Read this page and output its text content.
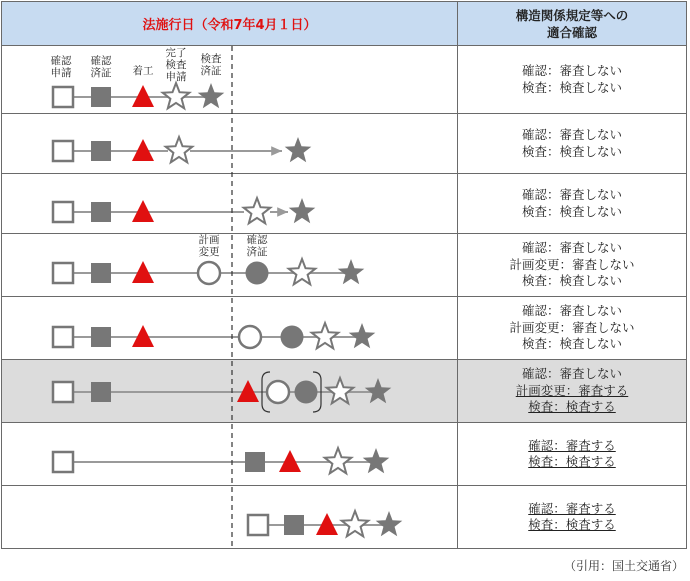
法施行日（令和7年4月１日）	構造関係規定等への
適合確認

	確認：審査しない
検査：検査しない

	確認：審査しない
検査：検査しない

	確認：審査しない
検査：検査しない

	確認：審査しない
計画変更：審査しない
検査：検査しない

	確認：審査しない
計画変更：審査しない
検査：検査しない

	確認：審査しない
計画変更：審査する
検査：検査する

	確認：審査する
検査：検査する

	確認：審査する
検査：検査する
確認申請
確認済証 着工
完了検査申請
検査済証
計画変更
確認済証
（引用：国土交通省）
